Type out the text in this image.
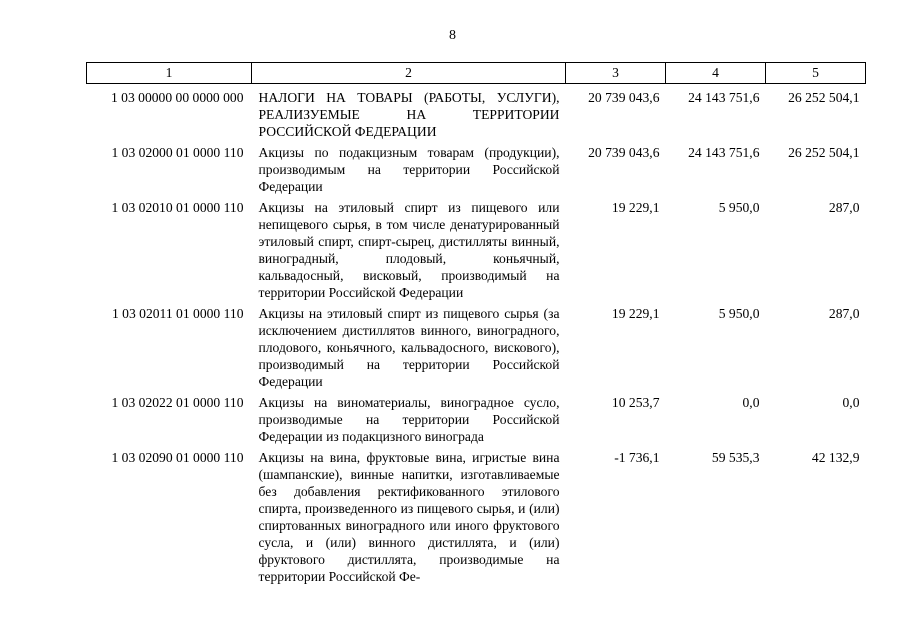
8
1	2	3	4	5
1 03 00000 00 0000 000	НАЛОГИ НА ТОВАРЫ (РАБОТЫ, УСЛУГИ), РЕАЛИЗУЕМЫЕ НА ТЕРРИТОРИИ РОССИЙСКОЙ ФЕДЕРАЦИИ	20 739 043,6	24 143 751,6	26 252 504,1
1 03 02000 01 0000 110	Акцизы по подакцизным товарам (продукции), производимым на территории Российской Федерации	20 739 043,6	24 143 751,6	26 252 504,1
1 03 02010 01 0000 110	Акцизы на этиловый спирт из пищевого или непищевого сырья, в том числе денатурированный этиловый спирт, спирт-сырец, дистилляты винный, виноградный, плодовый, коньячный, кальвадосный, висковый, производимый на территории Российской Федерации	19 229,1	5 950,0	287,0
1 03 02011 01 0000 110	Акцизы на этиловый спирт из пищевого сырья (за исключением дистиллятов винного, виноградного, плодового, коньячного, кальвадосного, вискового), производимый на территории Российской Федерации	19 229,1	5 950,0	287,0
1 03 02022 01 0000 110	Акцизы на виноматериалы, виноградное сусло, производимые на территории Российской Федерации из подакцизного винограда	10 253,7	0,0	0,0
1 03 02090 01 0000 110	Акцизы на вина, фруктовые вина, игристые вина (шампанские), винные напитки, изготавливаемые без добавления ректификованного этилового спирта, произведенного из пищевого сырья, и (или) спиртованных виноградного или иного фруктового сусла, и (или) винного дистиллята, и (или) фруктового дистиллята, производимые на территории Российской Фе-	-1 736,1	59 535,3	42 132,9
